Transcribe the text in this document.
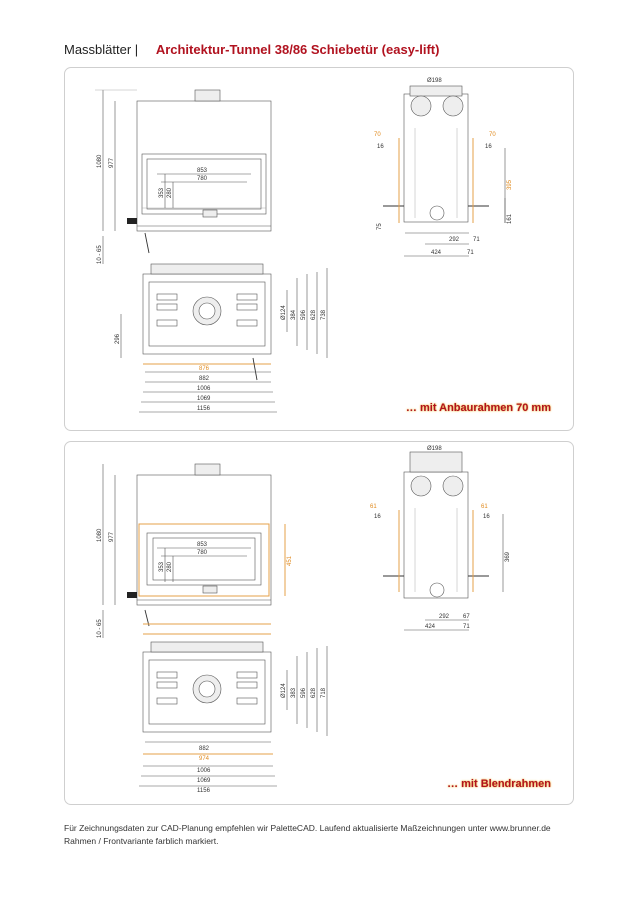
Massblätter | Architektur-Tunnel 38/86 Schiebetür (easy-lift)
1080 977
853
780
353 280
10 - 65
Ø198
70	70
16	16
395
161
75
292 71
424	71
Ø124 384 596 628 738
296
876
882
1006
1069
1156	… mit Anbaurahmen 70 mm
1080 977
853
780
353 280
451
10 - 65
Ø198
61	61
16	16
369
292 67
424	71
Ø124 383 596 628 718
882
974
1006
1069
1156
… mit Blendrahmen
Für Zeichnungsdaten zur CAD-Planung empfehlen wir PaletteCAD. Laufend aktualisierte Maßzeichnungen unter www.brunner.de
Rahmen / Frontvariante farblich markiert.
